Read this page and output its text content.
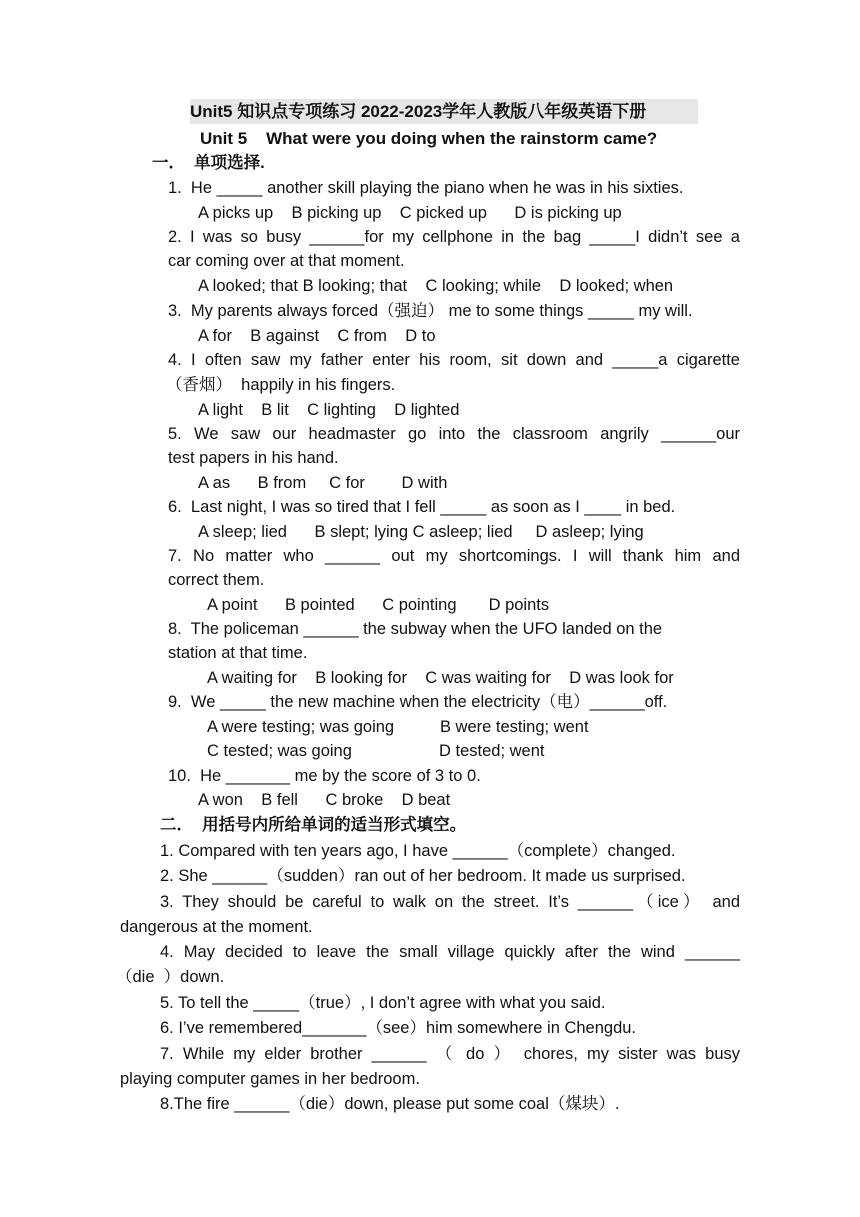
Unit5 知识点专项练习 2022-2023学年人教版八年级英语下册
Unit 5    What were you doing when the rainstorm came?
一．  单项选择.
1.  He _____ another skill playing the piano when he was in his sixties.
A picks up    B picking up    C picked up      D is picking up
2. I was so busy ______for my cellphone in the bag _____I didn’t see a
car coming over at that moment.
A looked; that B looking; that    C looking; while    D looked; when
3.  My parents always forced（强迫） me to some things _____ my will.
A for    B against    C from    D to
4. I often saw my father enter his room, sit down and _____a cigarette
（香烟）  happily in his fingers.
A light    B lit    C lighting    D lighted
5. We saw our headmaster go into the classroom angrily ______our
test papers in his hand.
A as      B from     C for        D with
6.  Last night, I was so tired that I fell _____ as soon as I ____ in bed.
A sleep; lied      B slept; lying C asleep; lied     D asleep; lying
7. No matter who ______ out my shortcomings. I will thank him and
correct them.
A point      B pointed      C pointing       D points
8.  The policeman ______ the subway when the UFO landed on the
station at that time.
A waiting for    B looking for    C was waiting for    D was look for
9.  We _____ the new machine when the electricity（电）______off.
A were testing; was going          B were testing; went
C tested; was going                   D tested; went
10.  He _______ me by the score of 3 to 0.
A won    B fell      C broke    D beat
二．  用括号内所给单词的适当形式填空。
1. Compared with ten years ago, I have ______（complete）changed.
2. She ______（sudden）ran out of her bedroom. It made us surprised.
3. They should be careful to walk on the street. It’s ______（ice） and
dangerous at the moment.
4. May decided to leave the small village quickly after the wind ______
（die  ）down.
5. To tell the _____（true）, I don’t agree with what you said.
6. I’ve remembered_______（see）him somewhere in Chengdu.
7. While my elder brother ______ （ do ） chores, my sister was busy
playing computer games in her bedroom.
8.The fire ______（die）down, please put some coal（煤块）.
